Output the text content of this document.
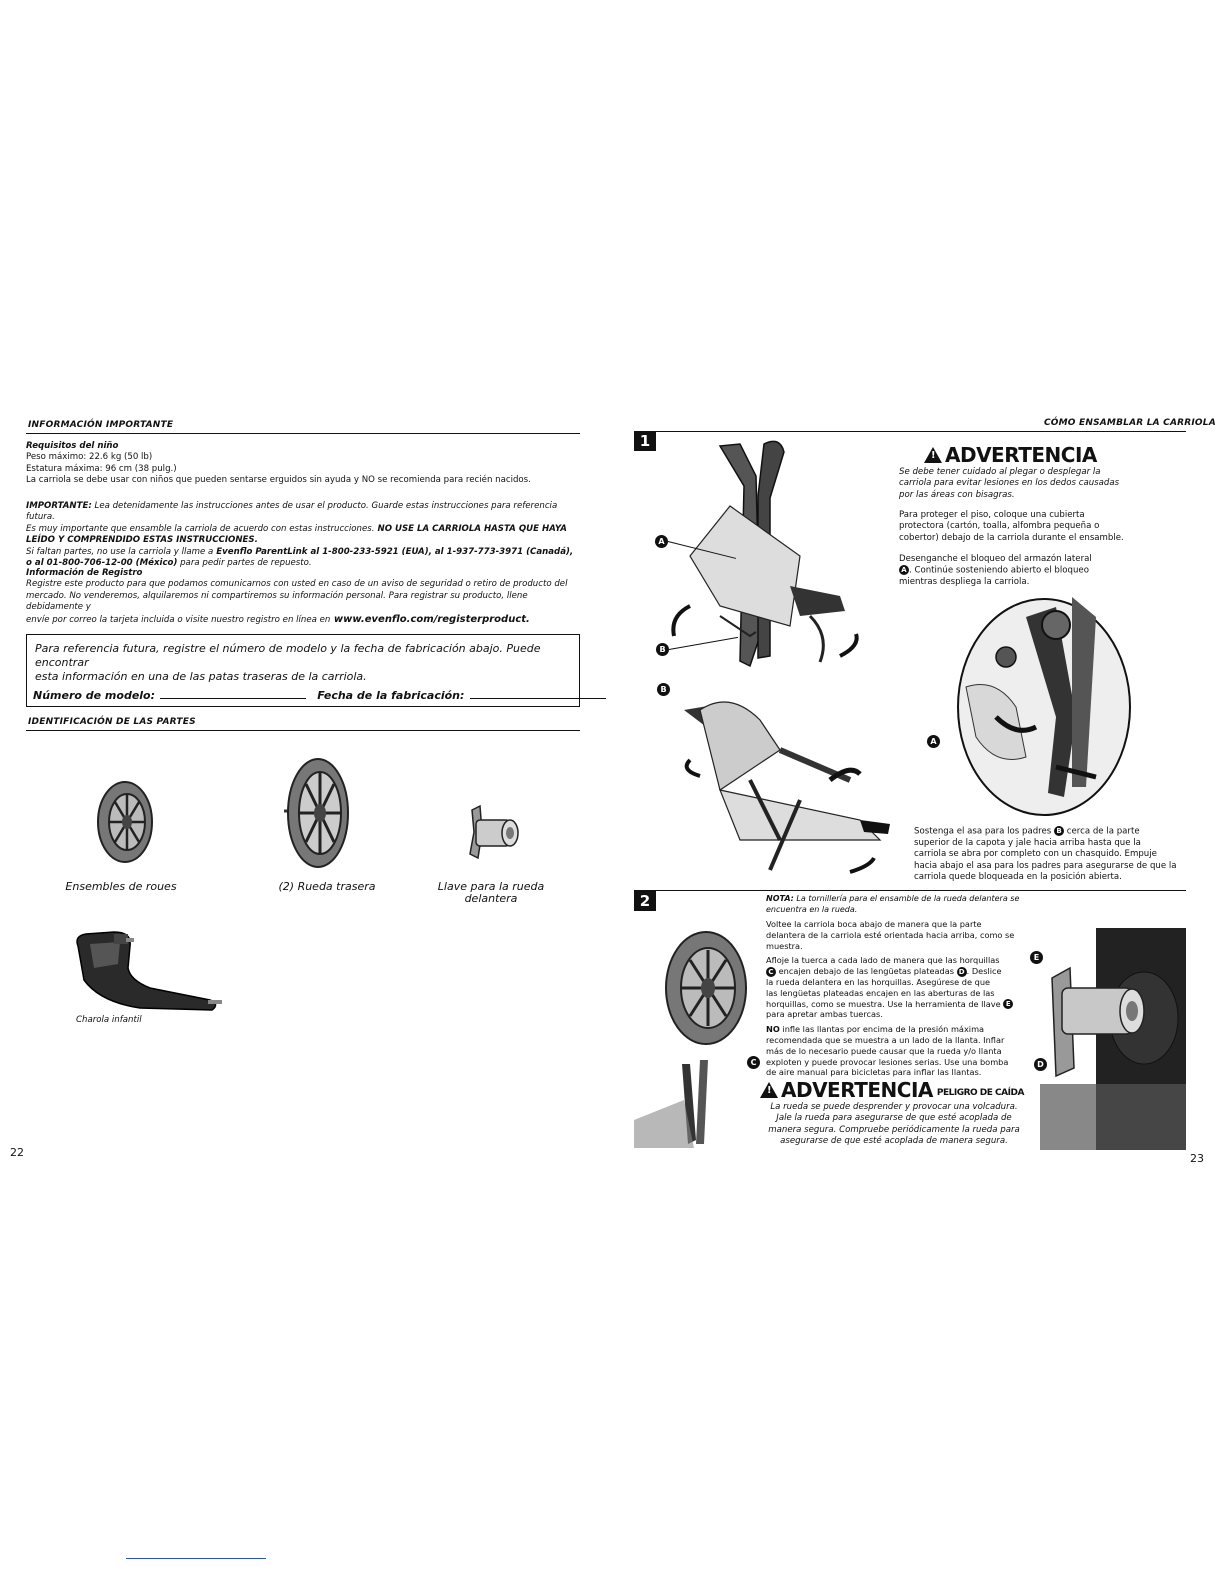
INFORMACIÓN IMPORTANTE
Requisitos del niño
Peso máximo: 22.6 kg (50 lb)
Estatura máxima: 96 cm (38 pulg.)
La carriola se debe usar con niños que pueden sentarse erguidos sin ayuda y NO se recomienda para recién nacidos.
IMPORTANTE: Lea detenidamente las instrucciones antes de usar el producto. Guarde estas instrucciones para referencia futura.
Es muy importante que ensamble la carriola de acuerdo con estas instrucciones. NO USE LA CARRIOLA HASTA QUE HAYA
LEÍDO Y COMPRENDIDO ESTAS INSTRUCCIONES.
Si faltan partes, no use la carriola y llame a Evenflo ParentLink al 1-800-233-5921 (EUA), al 1-937-773-3971 (Canadá),
o al 01-800-706-12-00 (México) para pedir partes de repuesto.
Información de Registro
Registre este producto para que podamos comunicarnos con usted en caso de un aviso de seguridad o retiro de producto del
mercado. No venderemos, alquilaremos ni compartiremos su información personal. Para registrar su producto, llene debidamente y
envíe por correo la tarjeta incluida o visite nuestro registro en línea en www.evenflo.com/registerproduct.
Para referencia futura, registre el número de modelo y la fecha de fabricación abajo. Puede encontrar
esta información en una de las patas traseras de la carriola.
Número de modelo:	Fecha de la fabricación:
IDENTIFICACIÓN DE LAS PARTES
Ensembles de roues	(2) Rueda trasera	Llave para la rueda
delantera
Charola infantil
22
CÓMO ENSAMBLAR LA CARRIOLA
1
A
B
! ADVERTENCIA
Se debe tener cuidado al plegar o desplegar la
carriola para evitar lesiones en los dedos causadas
por las áreas con bisagras.
Para proteger el piso, coloque una cubierta
protectora (cartón, toalla, alfombra pequeña o
cobertor) debajo de la carriola durante el ensamble.
Desenganche el bloqueo del armazón lateral
A . Continúe sosteniendo abierto el bloqueo
mientras despliega la carriola.
A
B
Sostenga el asa para los padres B cerca de la parte
superior de la capota y jale hacia arriba hasta que la
carriola se abra por completo con un chasquido. Empuje
hacia abajo el asa para los padres para asegurarse de que la
carriola quede bloqueada en la posición abierta.
2
C
NOTA: La tornillería para el ensamble de la rueda delantera se
encuentra en la rueda.
Voltee la carriola boca abajo de manera que la parte
delantera de la carriola esté orientada hacia arriba, como se
muestra.
Afloje la tuerca a cada lado de manera que las horquillas
C encajen debajo de las lengüetas plateadas D . Deslice
la rueda delantera en las horquillas. Asegúrese de que
las lengüetas plateadas encajen en las aberturas de las
horquillas, como se muestra. Use la herramienta de llave E
para apretar ambas tuercas.
NO infle las llantas por encima de la presión máxima
recomendada que se muestra a un lado de la llanta. Inflar
más de lo necesario puede causar que la rueda y/o llanta
exploten y puede provocar lesiones serias. Use una bomba
de aire manual para bicicletas para inflar las llantas.
! ADVERTENCIA PELIGRO DE CAÍDA
La rueda se puede desprender y provocar una volcadura.
Jale la rueda para asegurarse de que esté acoplada de
manera segura. Compruebe periódicamente la rueda para
asegurarse de que esté acoplada de manera segura.
E
D
23
